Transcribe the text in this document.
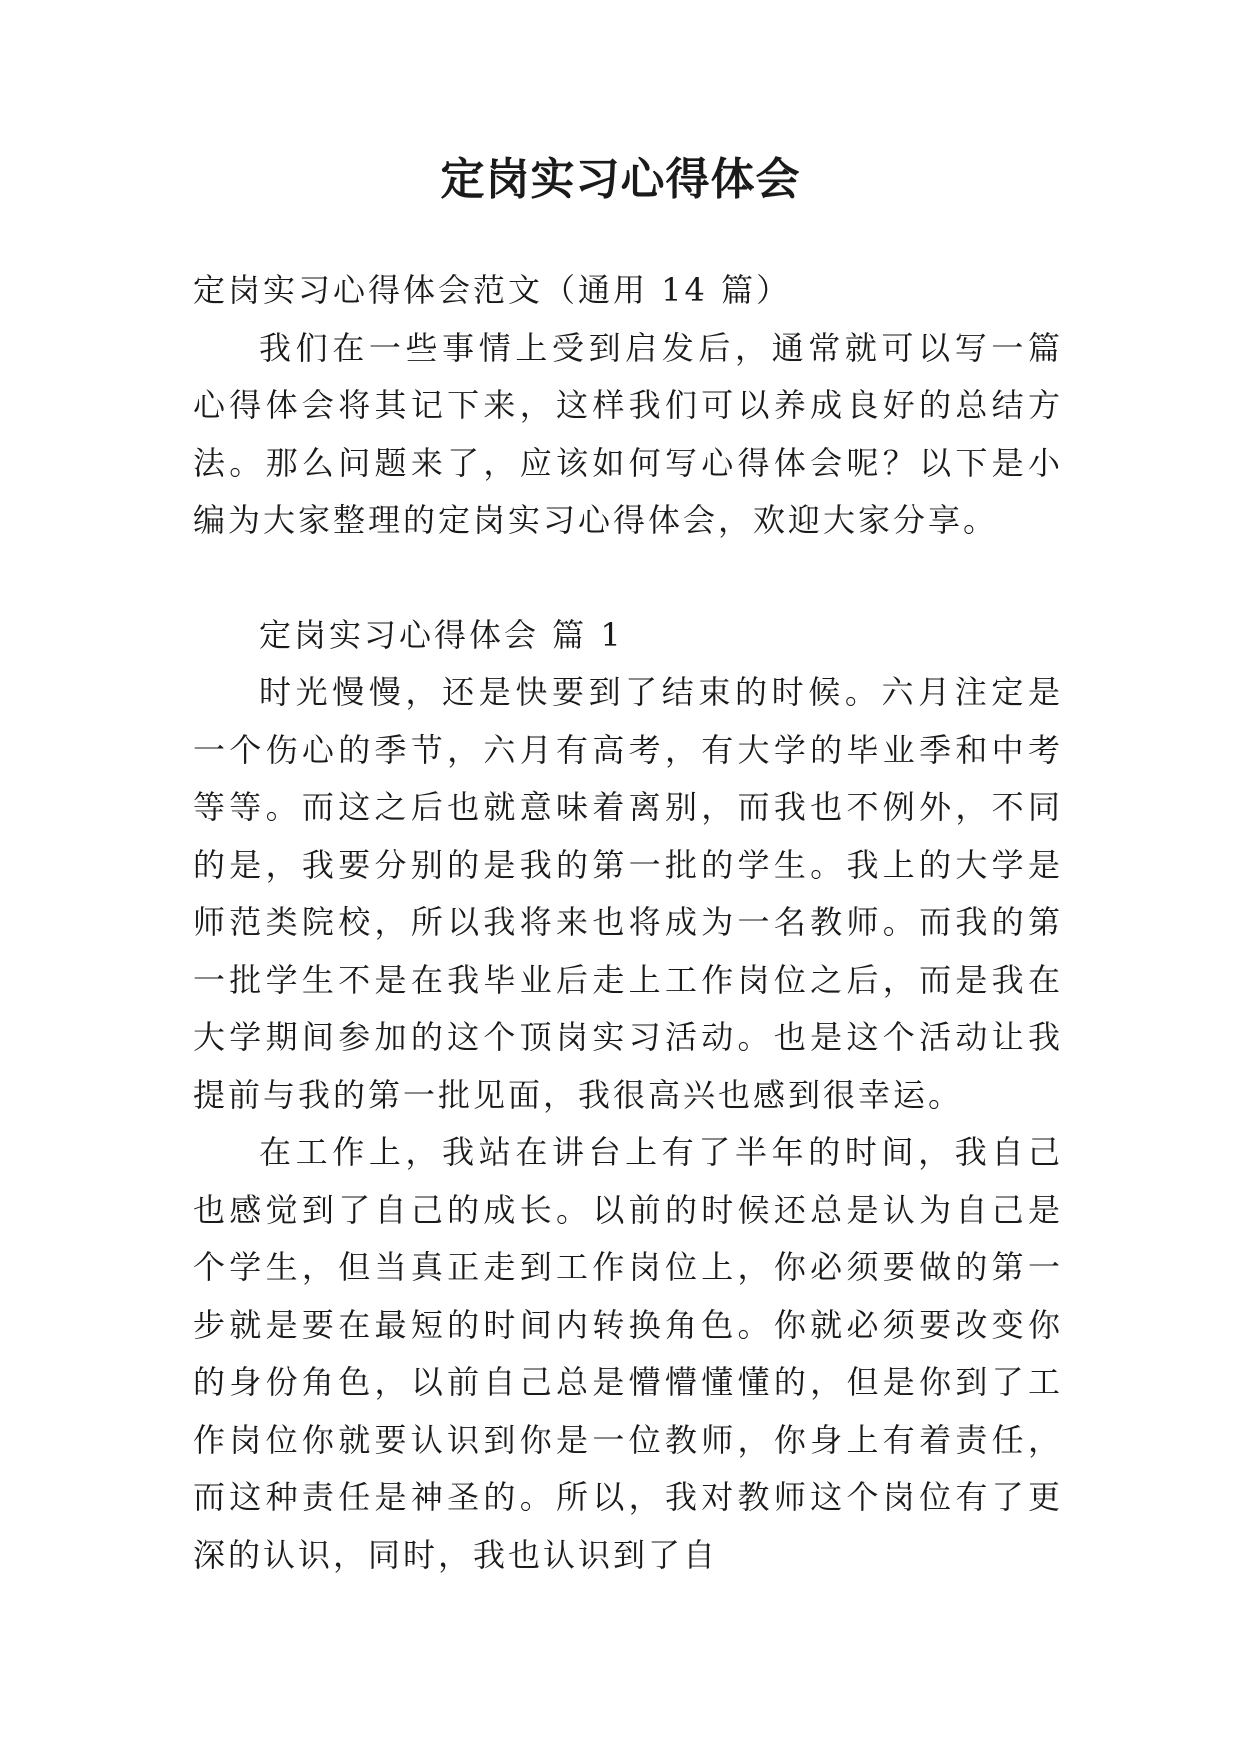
定岗实习心得体会

定岗实习心得体会范文（通用 14 篇）

我们在一些事情上受到启发后，通常就可以写一篇心得体会将其记下来，这样我们可以养成良好的总结方法。那么问题来了，应该如何写心得体会呢？以下是小编为大家整理的定岗实习心得体会，欢迎大家分享。

定岗实习心得体会 篇 1

时光慢慢，还是快要到了结束的时候。六月注定是一个伤心的季节，六月有高考，有大学的毕业季和中考等等。而这之后也就意味着离别，而我也不例外，不同的是，我要分别的是我的第一批的学生。我上的大学是师范类院校，所以我将来也将成为一名教师。而我的第一批学生不是在我毕业后走上工作岗位之后，而是我在大学期间参加的这个顶岗实习活动。也是这个活动让我提前与我的第一批见面，我很高兴也感到很幸运。

在工作上，我站在讲台上有了半年的时间，我自己也感觉到了自己的成长。以前的时候还总是认为自己是个学生，但当真正走到工作岗位上，你必须要做的第一步就是要在最短的时间内转换角色。你就必须要改变你的身份角色，以前自己总是懵懵懂懂的，但是你到了工作岗位你就要认识到你是一位教师，你身上有着责任，而这种责任是神圣的。所以，我对教师这个岗位有了更深的认识，同时，我也认识到了自
